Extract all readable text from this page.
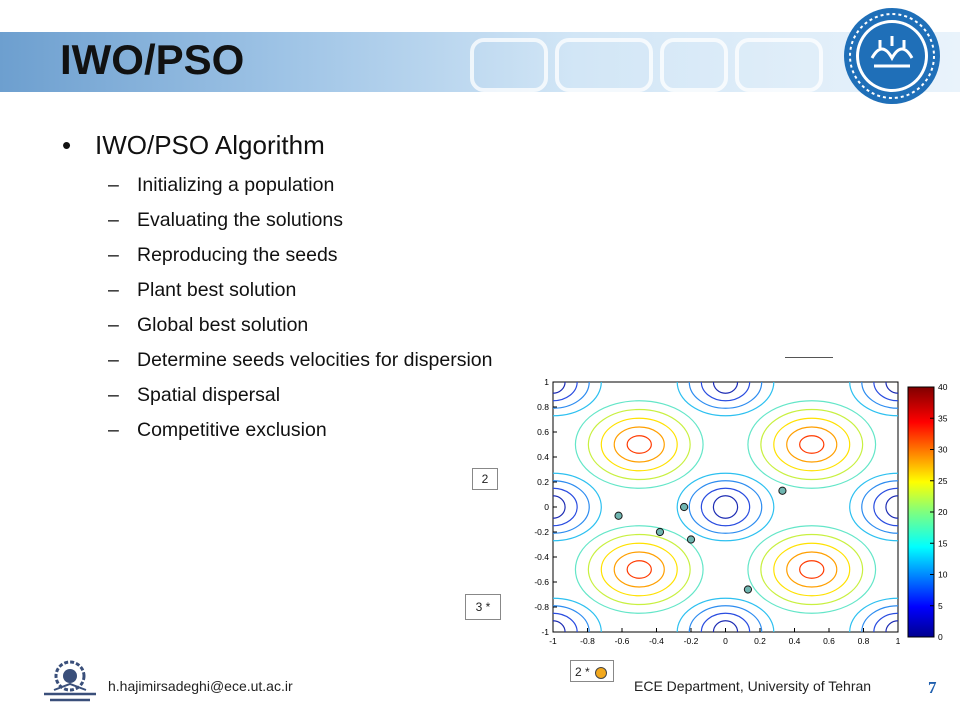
IWO/PSO
• IWO/PSO Algorithm
– Initializing a population
– Evaluating the solutions
– Reproducing the seeds
– Plant best solution
– Global best solution
– Determine seeds velocities for dispersion
– Spatial dispersal
– Competitive exclusion
2
3 *
2 *
-1	-0.8 -0.6 -0.4 -0.2	0	0.2	0.4	0.6	0.8	1
1
0.8
0.6
0.4
0.2
0
-0.2
-0.4
-0.6
-0.8
-1
40
35
30
25
20
15
10
5
0
h.hajimirsadeghi@ece.ut.ac.ir	ECE Department, University of Tehran	7
